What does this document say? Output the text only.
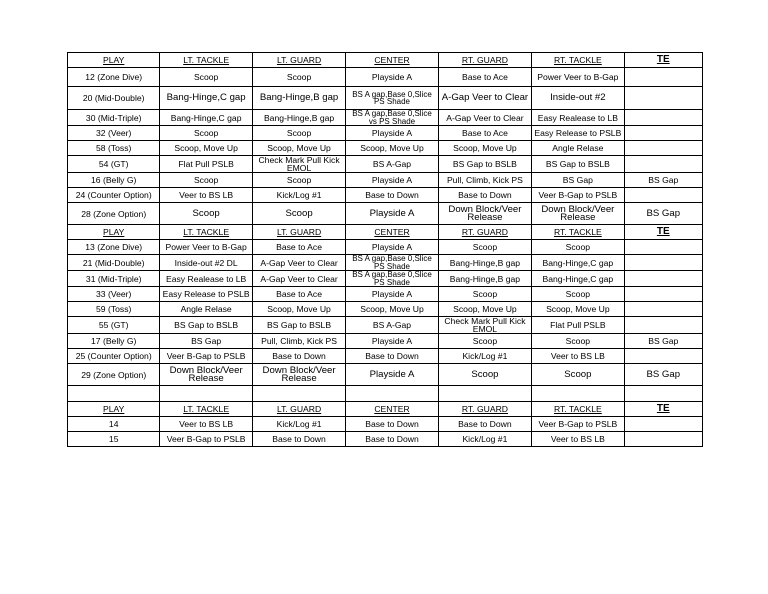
PLAY	LT. TACKLE	LT. GUARD	CENTER	RT. GUARD	RT. TACKLE	TE
12 (Zone Dive)	Scoop	Scoop	Playside A	Base to Ace	Power Veer to B-Gap	
20 (Mid-Double)	Bang-Hinge,C gap	Bang-Hinge,B gap	BS A gap,Base 0,Slice PS Shade	A-Gap Veer to Clear	Inside-out #2	
30 (Mid-Triple)	Bang-Hinge,C gap	Bang-Hinge,B gap	BS A gap,Base 0,Slice vs PS Shade	A-Gap Veer to Clear	Easy Realease to LB	
32 (Veer)	Scoop	Scoop	Playside A	Base to Ace	Easy Release to PSLB	
58 (Toss)	Scoop, Move Up	Scoop, Move Up	Scoop, Move Up	Scoop, Move Up	Angle Relase	
54 (GT)	Flat Pull PSLB	Check Mark Pull Kick EMOL	BS A-Gap	BS Gap to BSLB	BS Gap to BSLB	
16 (Belly G)	Scoop	Scoop	Playside A	Pull, Climb, Kick PS	BS Gap	BS Gap
24 (Counter Option)	Veer to BS LB	Kick/Log #1	Base to Down	Base to Down	Veer B-Gap to PSLB	
28 (Zone Option)	Scoop	Scoop	Playside A	Down Block/Veer Release	Down Block/Veer Release	BS Gap
PLAY	LT. TACKLE	LT. GUARD	CENTER	RT. GUARD	RT. TACKLE	TE
13 (Zone Dive)	Power Veer to B-Gap	Base to Ace	Playside A	Scoop	Scoop	
21 (Mid-Double)	Inside-out #2 DL	A-Gap Veer to Clear	BS A gap,Base 0,Slice PS Shade	Bang-Hinge,B gap	Bang-Hinge,C gap	
31 (Mid-Triple)	Easy Realease to LB	A-Gap Veer to Clear	BS A gap,Base 0,Slice PS Shade	Bang-Hinge,B gap	Bang-Hinge,C gap	
33 (Veer)	Easy Release to PSLB	Base to Ace	Playside A	Scoop	Scoop	
59 (Toss)	Angle Relase	Scoop, Move Up	Scoop, Move Up	Scoop, Move Up	Scoop, Move Up	
55 (GT)	BS Gap to BSLB	BS Gap to BSLB	BS A-Gap	Check Mark Pull Kick EMOL	Flat Pull PSLB	
17 (Belly G)	BS Gap	Pull, Climb, Kick PS	Playside A	Scoop	Scoop	BS Gap
25 (Counter Option)	Veer B-Gap to PSLB	Base to Down	Base to Down	Kick/Log #1	Veer to BS LB	
29 (Zone Option)	Down Block/Veer Release	Down Block/Veer Release	Playside A	Scoop	Scoop	BS Gap

PLAY	LT. TACKLE	LT. GUARD	CENTER	RT. GUARD	RT. TACKLE	TE
14	Veer to BS LB	Kick/Log #1	Base to Down	Base to Down	Veer B-Gap to PSLB	
15	Veer B-Gap to PSLB	Base to Down	Base to Down	Kick/Log #1	Veer to BS LB	
